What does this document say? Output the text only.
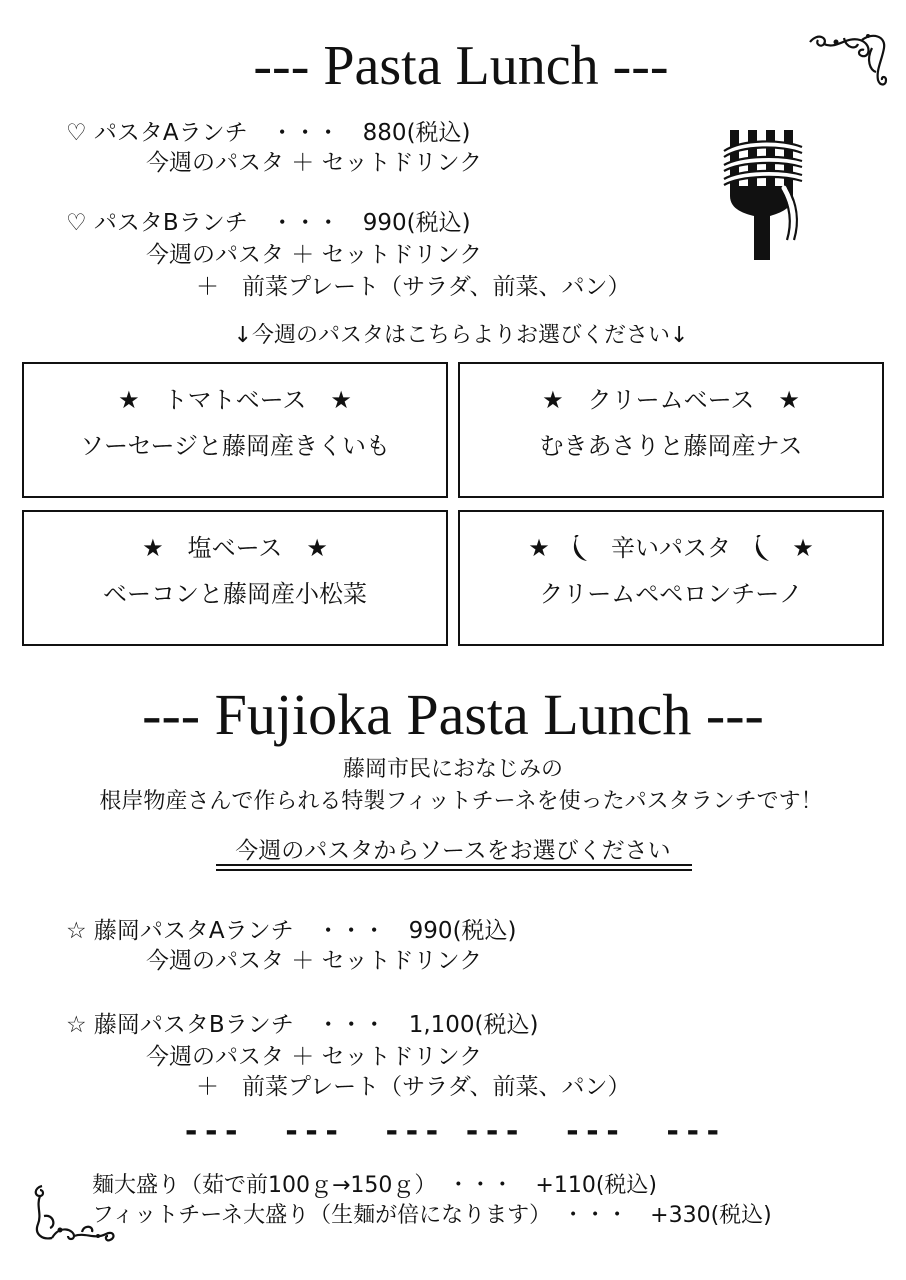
--- Pasta Lunch ---
♡ パスタAランチ　・・・　880(税込)
今週のパスタ ＋ セットドリンク
♡ パスタBランチ　・・・　990(税込)
今週のパスタ ＋ セットドリンク
＋　前菜プレート（サラダ、前菜、パン）
↓今週のパスタはこちらよりお選びください↓
★　トマトベース　★
ソーセージと藤岡産きくいも
★　クリームベース　★
むきあさりと藤岡産ナス
★　塩ベース　★
ベーコンと藤岡産小松菜
★	辛いパスタ	★
クリームペペロンチーノ
--- Fujioka Pasta Lunch ---
藤岡市民におなじみの
根岸物産さんで作られる特製フィットチーネを使ったパスタランチです！
今週のパスタからソースをお選びください
☆ 藤岡パスタAランチ　・・・　990(税込)
今週のパスタ ＋ セットドリンク
☆ 藤岡パスタBランチ　・・・　1,100(税込)
今週のパスタ ＋ セットドリンク
＋　前菜プレート（サラダ、前菜、パン）
---  ---  --- ---  ---  ---
麺大盛り（茹で前100ｇ→150ｇ）　・・・　+110(税込)
フィットチーネ大盛り（生麺が倍になります）　・・・　+330(税込)
